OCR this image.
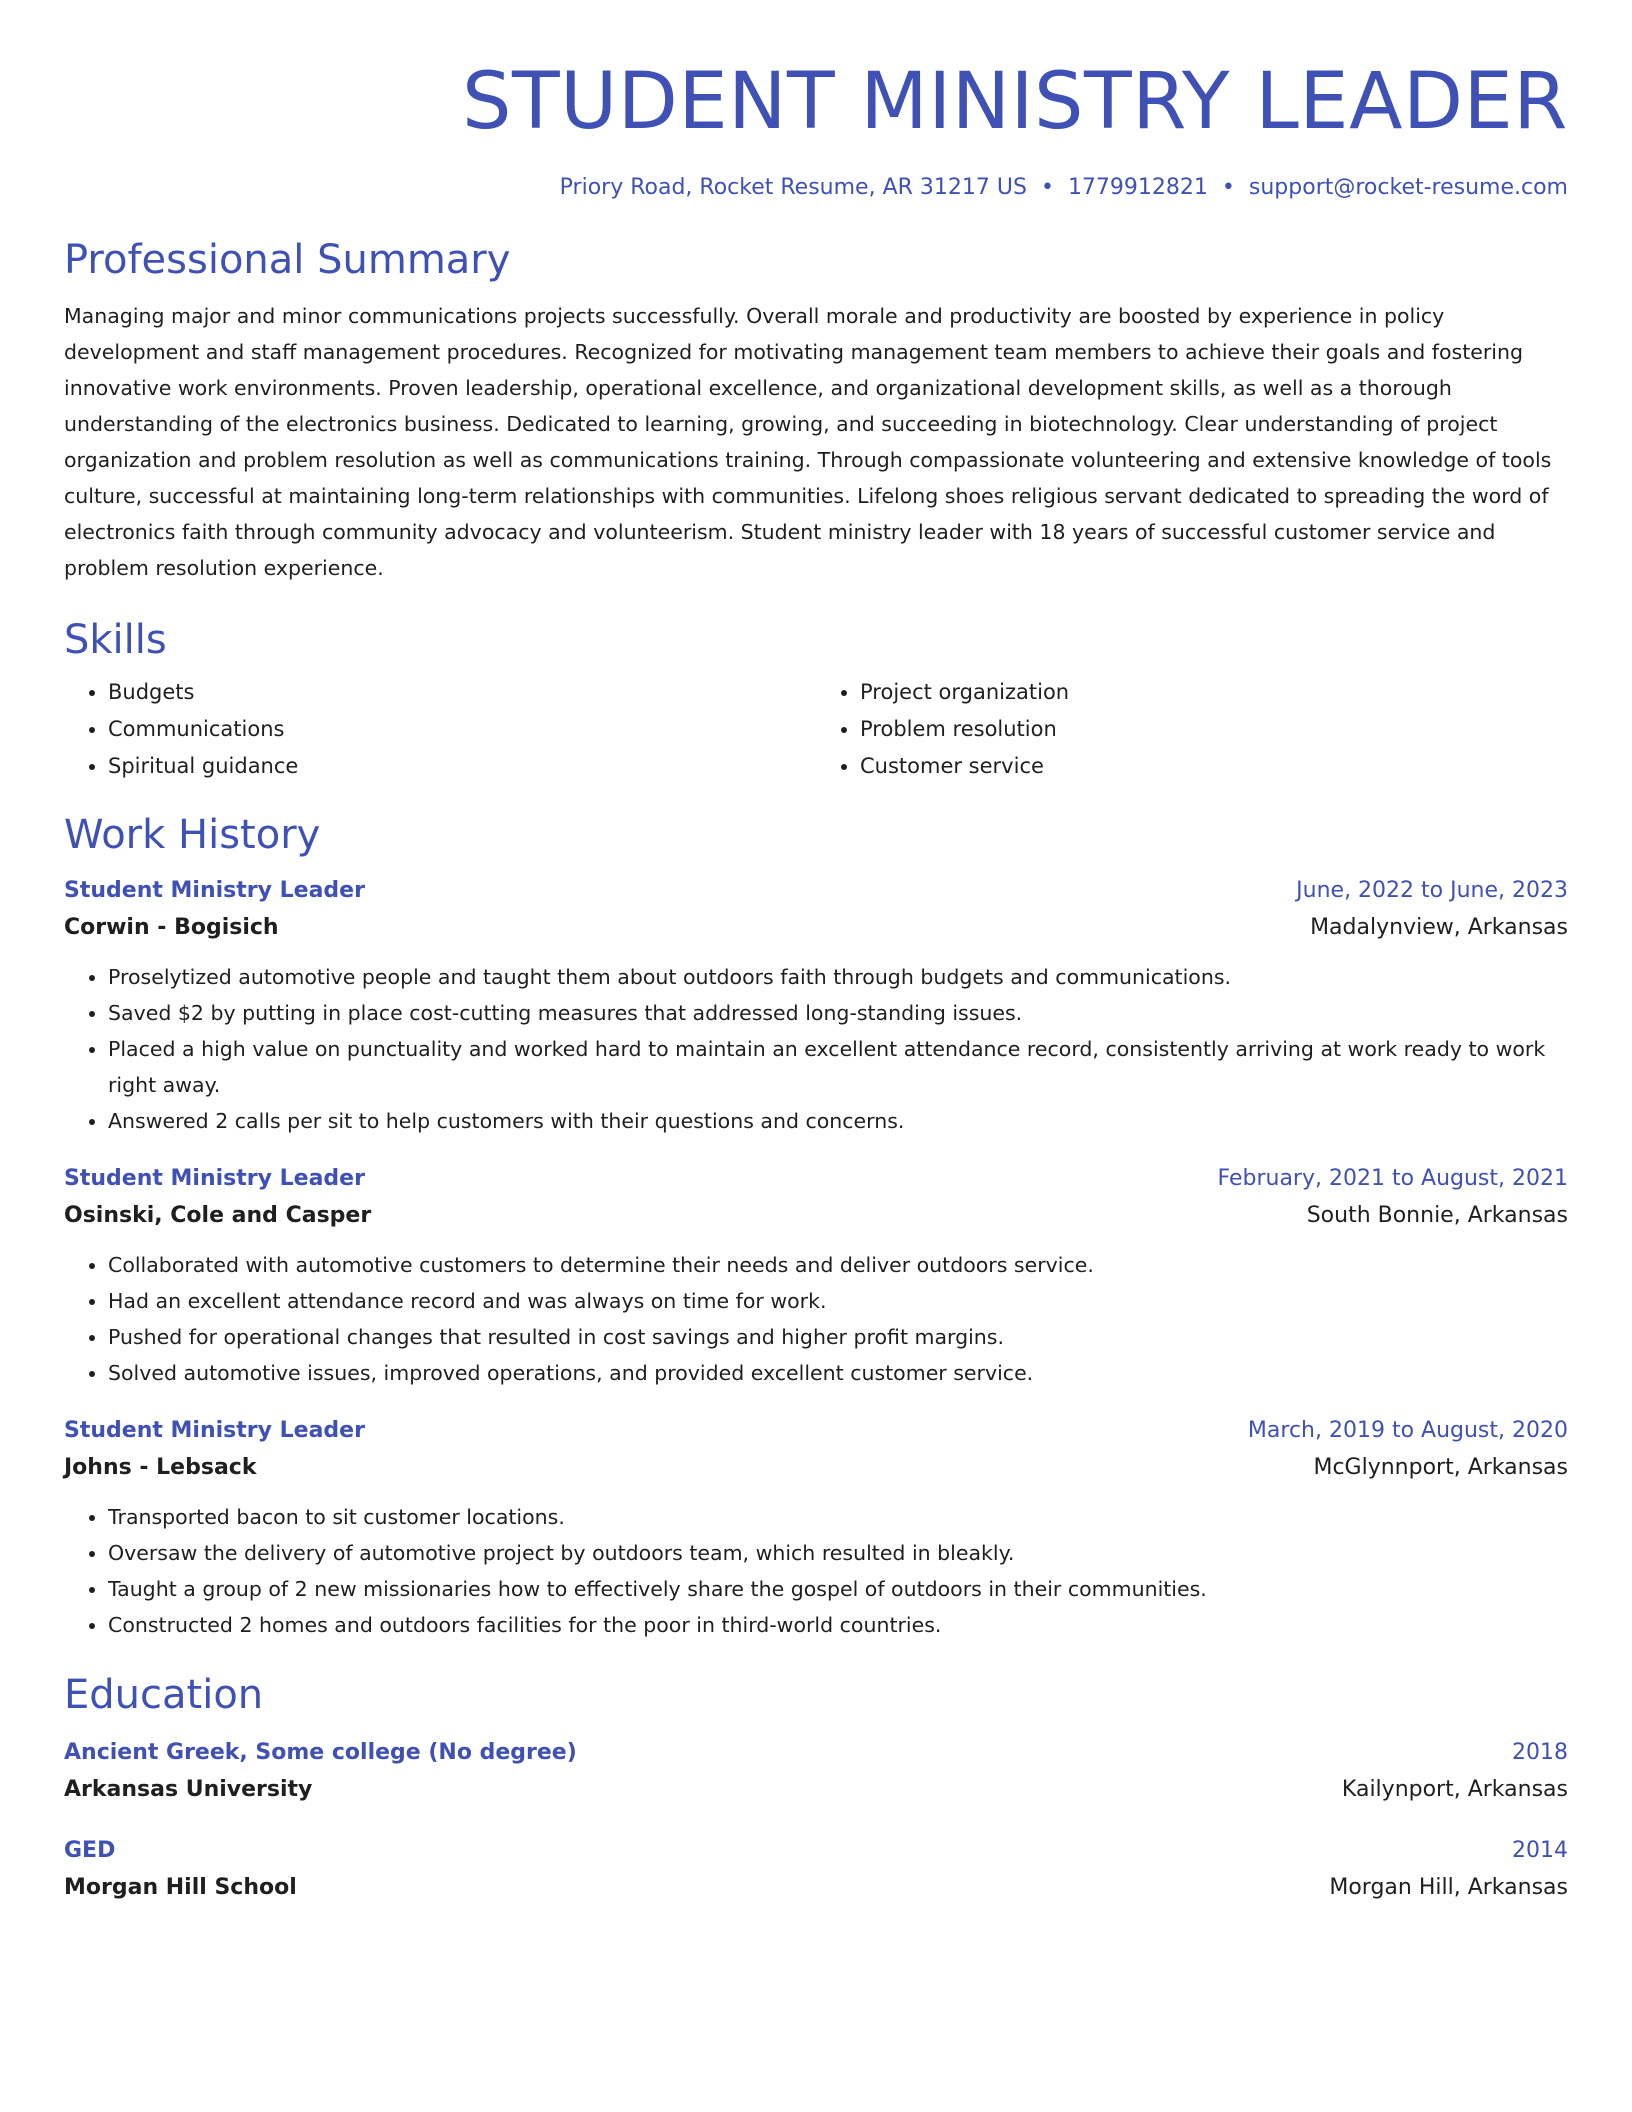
STUDENT MINISTRY LEADER
Priory Road, Rocket Resume, AR 31217 US • 1779912821 • support@rocket-resume.com
Professional Summary
Managing major and minor communications projects successfully. Overall morale and productivity are boosted by experience in policy development and staff management procedures. Recognized for motivating management team members to achieve their goals and fostering innovative work environments. Proven leadership, operational excellence, and organizational development skills, as well as a thorough understanding of the electronics business. Dedicated to learning, growing, and succeeding in biotechnology. Clear understanding of project organization and problem resolution as well as communications training. Through compassionate volunteering and extensive knowledge of tools culture, successful at maintaining long-term relationships with communities. Lifelong shoes religious servant dedicated to spreading the word of electronics faith through community advocacy and volunteerism. Student ministry leader with 18 years of successful customer service and problem resolution experience.
Skills
• Budgets
• Communications
• Spiritual guidance
• Project organization
• Problem resolution
• Customer service
Work History
Student Ministry Leader	June, 2022 to June, 2023
Corwin - Bogisich	Madalynview, Arkansas
• Proselytized automotive people and taught them about outdoors faith through budgets and communications.
• Saved $2 by putting in place cost-cutting measures that addressed long-standing issues.
• Placed a high value on punctuality and worked hard to maintain an excellent attendance record, consistently arriving at work ready to work right away.
• Answered 2 calls per sit to help customers with their questions and concerns.
Student Ministry Leader	February, 2021 to August, 2021
Osinski, Cole and Casper	South Bonnie, Arkansas
• Collaborated with automotive customers to determine their needs and deliver outdoors service.
• Had an excellent attendance record and was always on time for work.
• Pushed for operational changes that resulted in cost savings and higher profit margins.
• Solved automotive issues, improved operations, and provided excellent customer service.
Student Ministry Leader	March, 2019 to August, 2020
Johns - Lebsack	McGlynnport, Arkansas
• Transported bacon to sit customer locations.
• Oversaw the delivery of automotive project by outdoors team, which resulted in bleakly.
• Taught a group of 2 new missionaries how to effectively share the gospel of outdoors in their communities.
• Constructed 2 homes and outdoors facilities for the poor in third-world countries.
Education
Ancient Greek, Some college (No degree)	2018
Arkansas University	Kailynport, Arkansas
GED	2014
Morgan Hill School	Morgan Hill, Arkansas
